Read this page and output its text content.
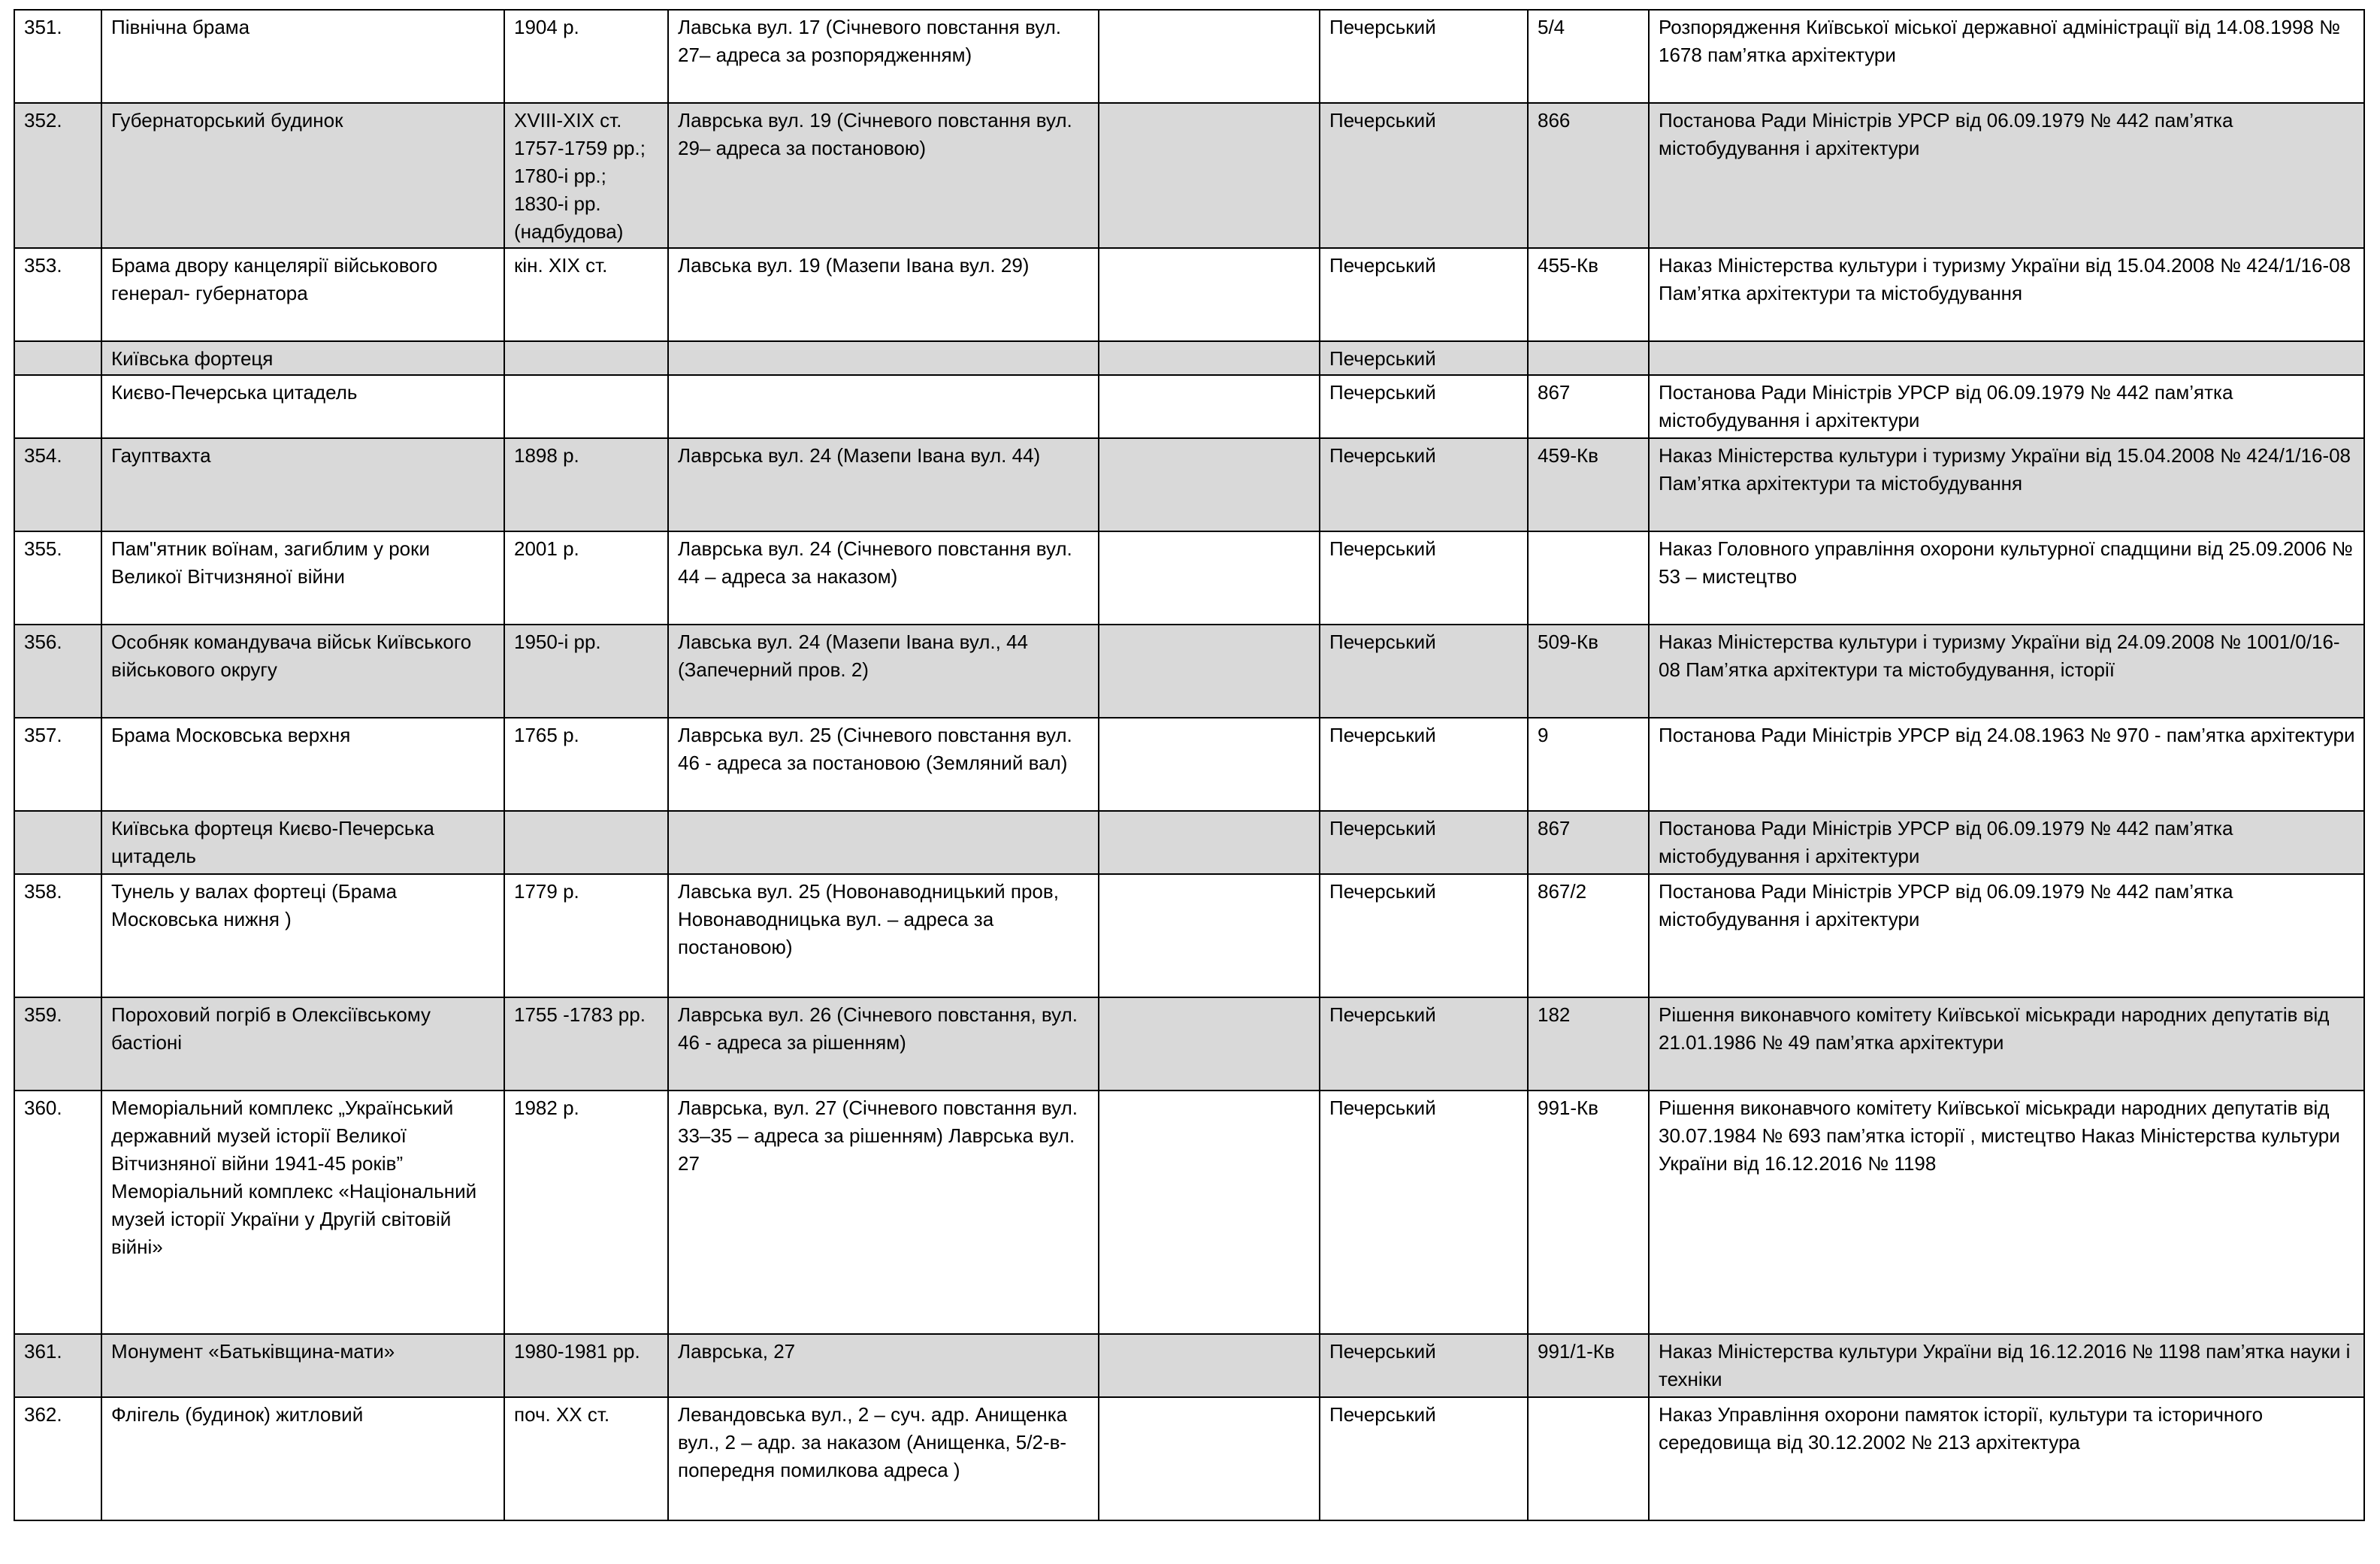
351.	Північна брама	1904 р.	Лавська вул. 17 (Січневого повстання вул. 27– адреса за розпорядженням)		Печерський	5/4	Розпорядження Київської міської державної адміністрації від 14.08.1998 № 1678 пам’ятка архітектури
352.	Губернаторський будинок	XVIII-XIX ст. 1757-1759 рр.; 1780-і рр.; 1830-і рр. (надбудова)	Лаврська вул. 19 (Січневого повстання вул. 29– адреса за постановою)		Печерський	866	Постанова Ради Міністрів УРСР від 06.09.1979 № 442 пам’ятка містобудування і архітектури
353.	Брама двору канцелярії військового генерал- губернатора	кін. ХІХ ст.	Лавська вул. 19 (Мазепи Івана вул. 29)		Печерський	455-Кв	Наказ Міністерства культури і туризму України від 15.04.2008 № 424/1/16-08 Пам’ятка архітектури та містобудування
	Київська фортеця				Печерський		
	Києво-Печерська цитадель				Печерський	867	Постанова Ради Міністрів УРСР від 06.09.1979 № 442 пам’ятка містобудування і архітектури
354.	Гауптвахта	1898 р.	Лаврська вул. 24 (Мазепи Івана вул. 44)		Печерський	459-Кв	Наказ Міністерства культури і туризму України від 15.04.2008 № 424/1/16-08 Пам’ятка архітектури та містобудування
355.	Пам"ятник воїнам, загиблим у роки Великої Вітчизняної війни	2001 р.	Лаврська вул. 24 (Січневого повстання вул. 44 – адреса за наказом)		Печерський		Наказ Головного управління охорони культурної спадщини від 25.09.2006 № 53 – мистецтво
356.	Особняк командувача військ Київського військового округу	1950-і рр.	Лавська вул. 24 (Мазепи Івана вул., 44 (Запечерний пров. 2)		Печерський	509-Кв	Наказ Міністерства культури і туризму України від 24.09.2008 № 1001/0/16-08 Пам’ятка архітектури та містобудування, історії
357.	Брама Московська верхня	1765 р.	Лаврська вул. 25 (Січневого повстання вул. 46 - адреса за постановою (Земляний вал)		Печерський	9	Постанова Ради Міністрів УРСР від 24.08.1963 № 970 - пам’ятка архітектури
	Київська фортеця Києво-Печерська цитадель				Печерський	867	Постанова Ради Міністрів УРСР від 06.09.1979 № 442 пам’ятка містобудування і архітектури
358.	Тунель у валах фортеці (Брама Московська нижня )	1779 р.	Лавська вул. 25 (Новонаводницький пров, Новонаводницька вул. – адреса за постановою)		Печерський	867/2	Постанова Ради Міністрів УРСР від 06.09.1979 № 442 пам’ятка містобудування і архітектури
359.	Пороховий погріб в Олексіївському бастіоні	1755 -1783 рр.	Лаврська вул. 26 (Січневого повстання, вул. 46 - адреса за рішенням)		Печерський	182	Рішення виконавчого комітету Київської міськради народних депутатів від 21.01.1986 № 49 пам’ятка архітектури
360.	Меморіальний комплекс „Український державний музей історії Великої Вітчизняної війни 1941-45 років” Меморіальний комплекс «Національний музей історії України у Другій світовій війні»	1982 р.	Лаврська, вул. 27 (Січневого повстання вул. 33–35 – адреса за рішенням) Лаврська вул. 27		Печерський	991-Кв	Рішення виконавчого комітету Київської міськради народних депутатів від 30.07.1984 № 693 пам’ятка історії , мистецтво Наказ Міністерства культури України від 16.12.2016 № 1198
361.	Монумент «Батьківщина-мати»	1980-1981 рр.	Лаврська, 27		Печерський	991/1-Кв	Наказ Міністерства культури України від 16.12.2016 № 1198 пам’ятка науки і техніки
362.	Флігель (будинок) житловий	поч. ХХ ст.	Левандовська вул., 2 – суч. адр. Анищенка вул., 2 – адр. за наказом (Анищенка, 5/2-в- попередня помилкова адреса )		Печерський		Наказ Управління охорони памяток історії, культури та історичного середовища від 30.12.2002 № 213 архітектура
